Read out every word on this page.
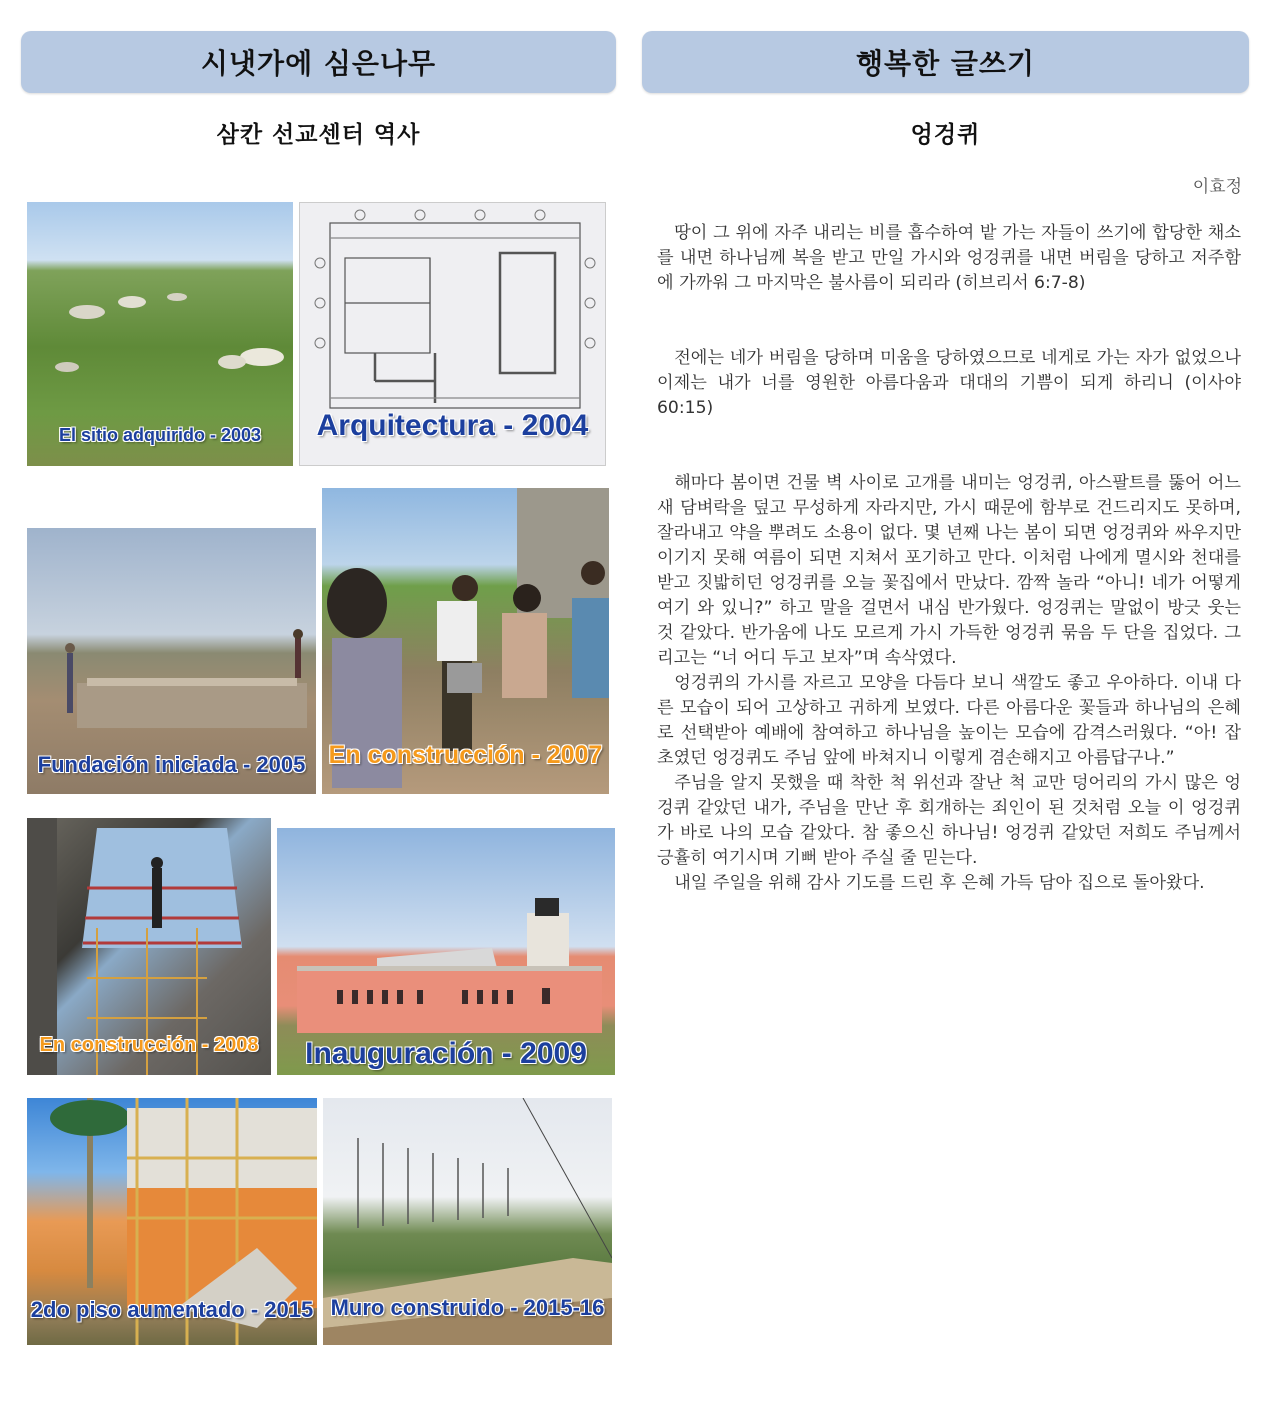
시냇가에 심은나무
삼칸 선교센터 역사
El sitio adquirido - 2003	Arquitectura - 2004
Fundación iniciada - 2005 En construcción - 2007
En construcción - 2008	Inauguración - 2009
2do piso aumentado - 2015 Muro construido - 2015-16
행복한 글쓰기
엉겅퀴
이효정

땅이 그 위에 자주 내리는 비를 흡수하여 밭 가는 자들이 쓰기에 합당한 채소를 내면 하나님께 복을 받고 만일 가시와 엉겅퀴를 내면 버림을 당하고 저주함에 가까워 그 마지막은 불사름이 되리라 (히브리서 6:7-8)

전에는 네가 버림을 당하며 미움을 당하였으므로 네게로 가는 자가 없었으나 이제는 내가 너를 영원한 아름다움과 대대의 기쁨이 되게 하리니 (이사야 60:15)

해마다 봄이면 건물 벽 사이로 고개를 내미는 엉겅퀴, 아스팔트를 뚫어 어느새 담벼락을 덮고 무성하게 자라지만, 가시 때문에 함부로 건드리지도 못하며, 잘라내고 약을 뿌려도 소용이 없다. 몇 년째 나는 봄이 되면 엉겅퀴와 싸우지만 이기지 못해 여름이 되면 지쳐서 포기하고 만다. 이처럼 나에게 멸시와 천대를 받고 짓밟히던 엉겅퀴를 오늘 꽃집에서 만났다. 깜짝 놀라 “아니! 네가 어떻게 여기 와 있니?” 하고 말을 걸면서 내심 반가웠다. 엉겅퀴는 말없이 방긋 웃는 것 같았다. 반가움에 나도 모르게 가시 가득한 엉겅퀴 묶음 두 단을 집었다. 그리고는 “너 어디 두고 보자”며 속삭였다.

엉겅퀴의 가시를 자르고 모양을 다듬다 보니 색깔도 좋고 우아하다. 이내 다른 모습이 되어 고상하고 귀하게 보였다. 다른 아름다운 꽃들과 하나님의 은혜로 선택받아 예배에 참여하고 하나님을 높이는 모습에 감격스러웠다. “아! 잡초였던 엉겅퀴도 주님 앞에 바쳐지니 이렇게 겸손해지고 아름답구나.”

주님을 알지 못했을 때 착한 척 위선과 잘난 척 교만 덩어리의 가시 많은 엉겅퀴 같았던 내가, 주님을 만난 후 회개하는 죄인이 된 것처럼 오늘 이 엉겅퀴가 바로 나의 모습 같았다. 참 좋으신 하나님! 엉겅퀴 같았던 저희도 주님께서 긍휼히 여기시며 기뻐 받아 주실 줄 믿는다.

내일 주일을 위해 감사 기도를 드린 후 은혜 가득 담아 집으로 돌아왔다.
